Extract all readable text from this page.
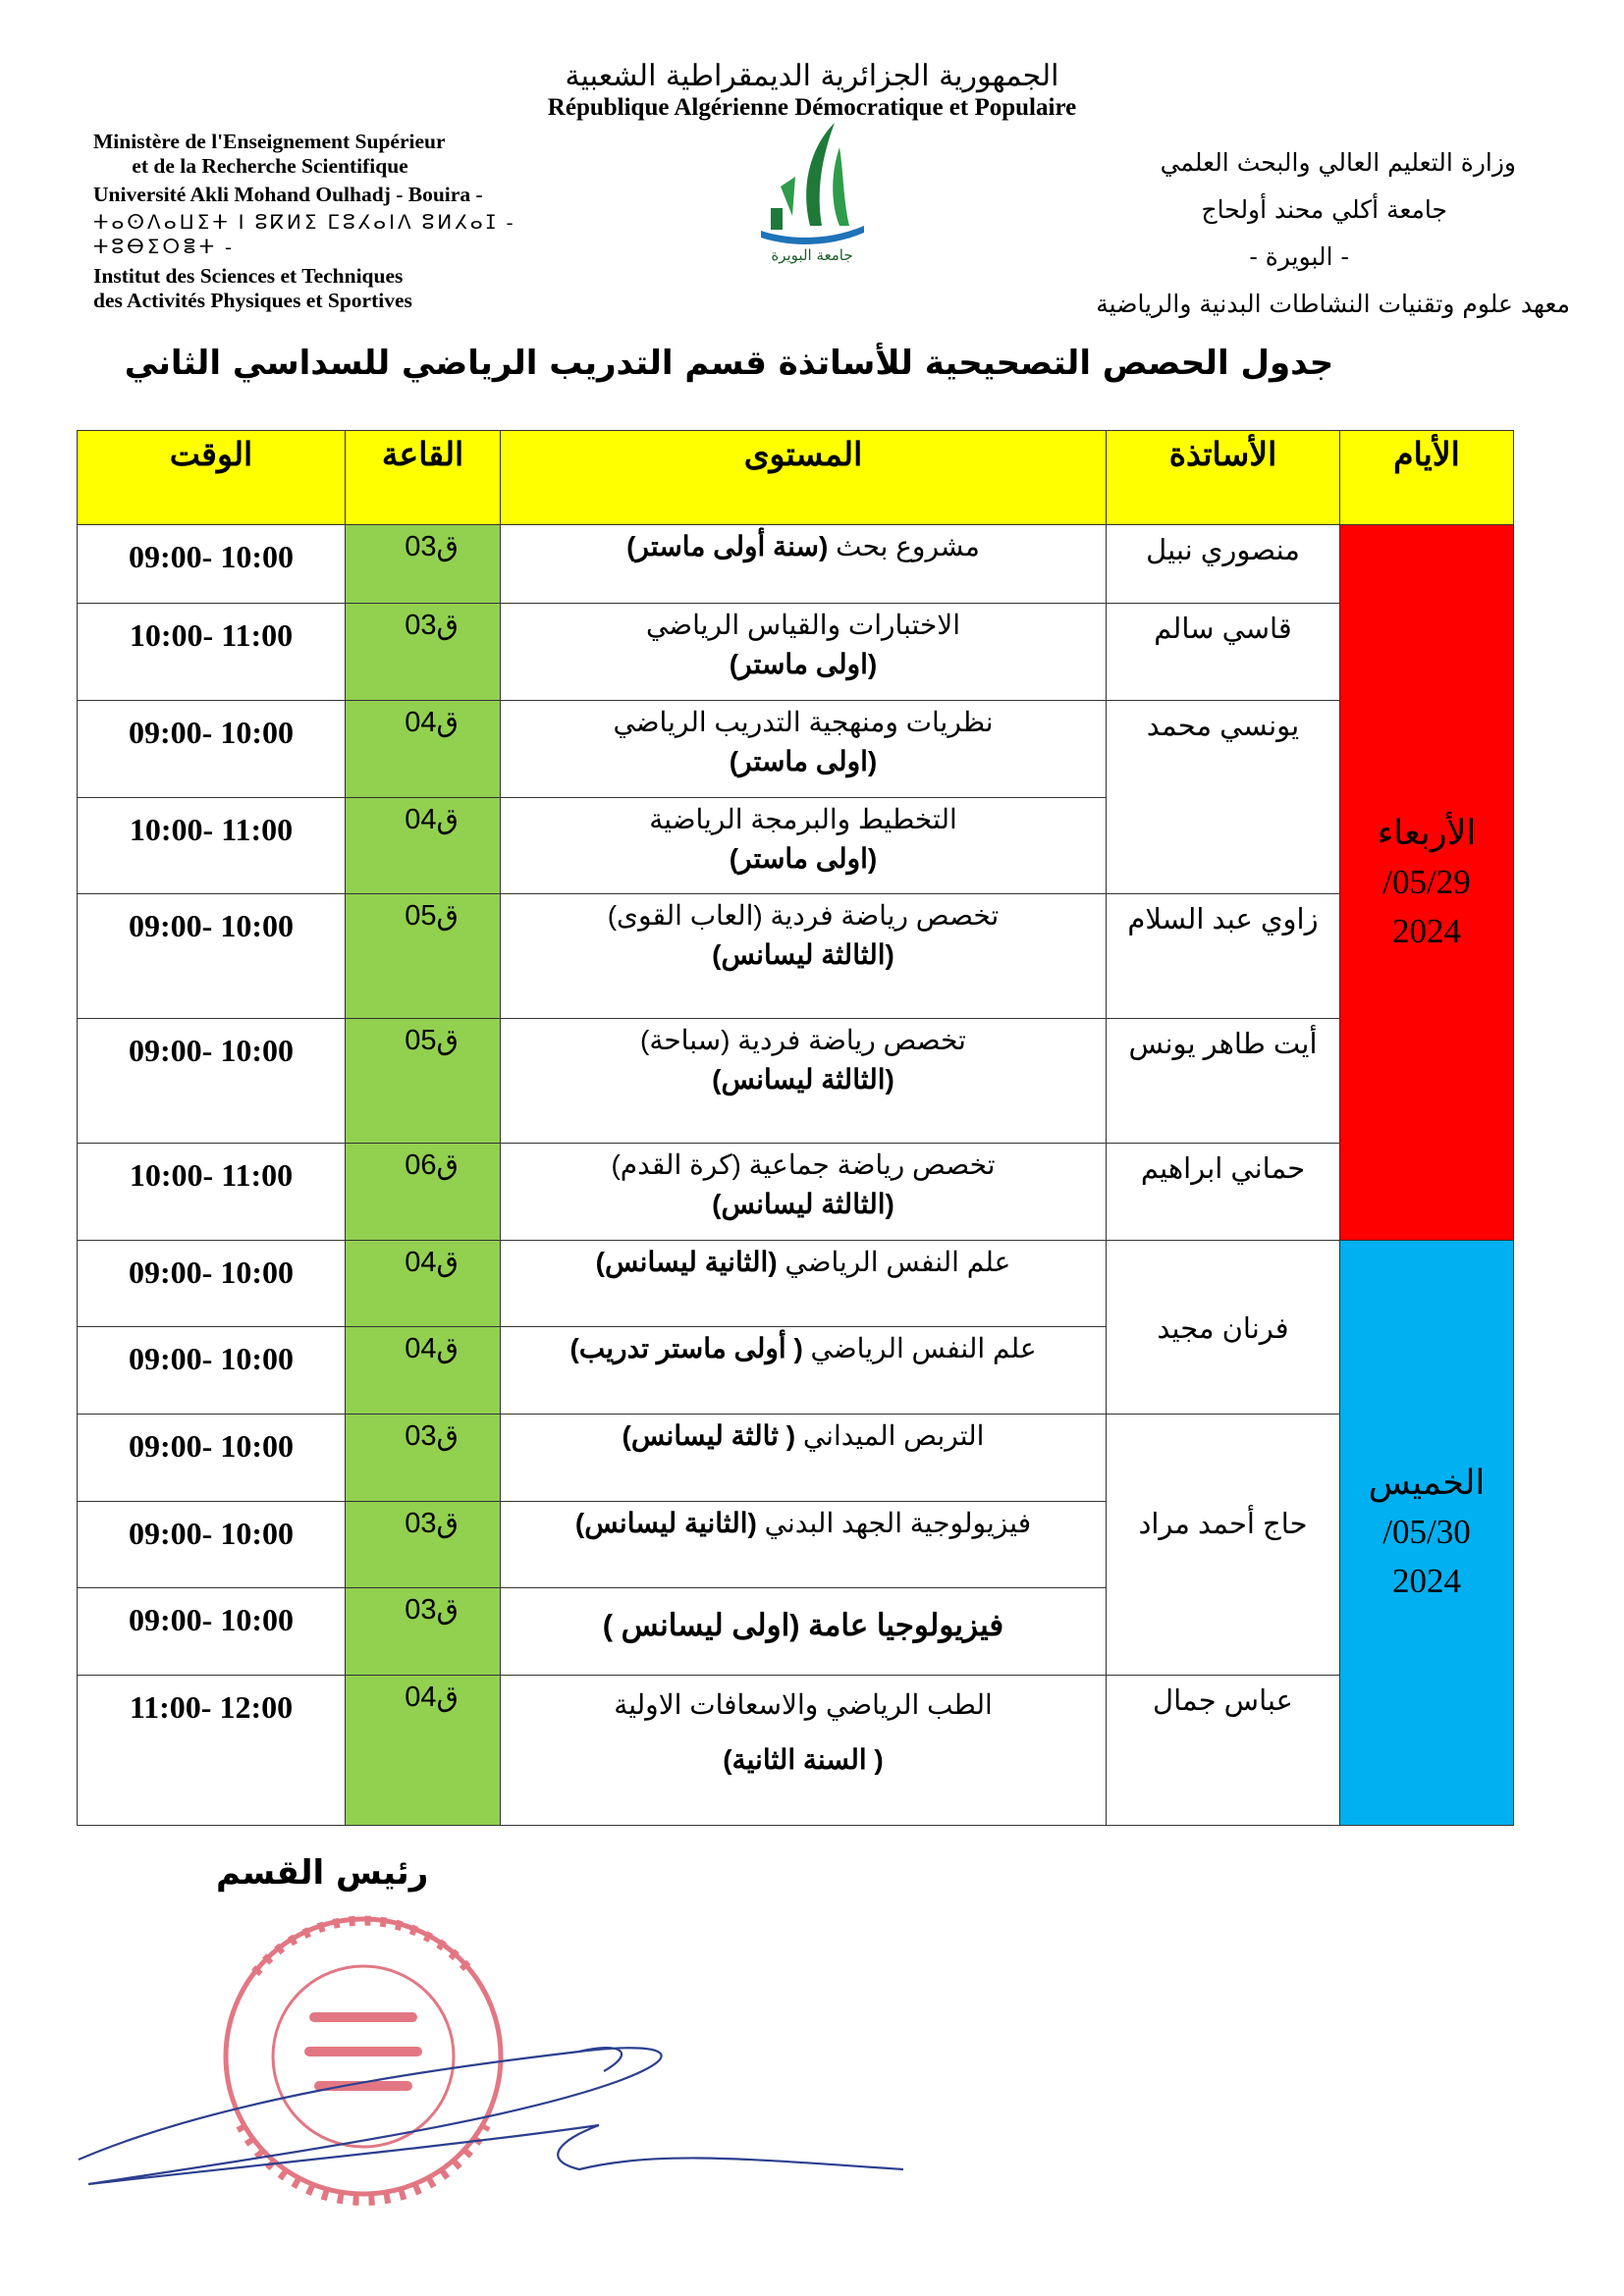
الجمهورية الجزائرية الديمقراطية الشعبية
République Algérienne Démocratique et Populaire
Ministère de l'Enseignement Supérieur
et de la Recherche Scientifique
Université Akli Mohand Oulhadj - Bouira -
ⵜⴰⵙⴷⴰⵡⵉⵜ ⵏ ⵓⴽⵍⵉ ⵎⵓⵃⴰⵏⴷ ⵓⵍⵃⴰⵊ - ⵜⵓⴱⵉⵔⴻⵜ -
Institut des Sciences et Techniques
des Activités Physiques et Sportives
وزارة التعليم العالي والبحث العلمي
جامعة أكلي محند أولحاج
- البويرة -
معهد علوم وتقنيات النشاطات البدنية والرياضية
جامعة البويرة
جدول الحصص التصحيحية للأساتذة قسم التدريب الرياضي للسداسي الثاني
الوقت	القاعة	المستوى	الأساتذة	الأيام
09:00- 10:00	ق03	مشروع بحث (سنة أولى ماستر)	منصوري نبيل	الأربعاء
/05/29
2024

10:00- 11:00	ق03	الاختبارات والقياس الرياضي
(اولى ماستر)	قاسي سالم	
09:00- 10:00	ق04	نظريات ومنهجية التدريب الرياضي
(اولى ماستر)	يونسي محمد	
10:00- 11:00	ق04	التخطيط والبرمجة الرياضية
(اولى ماستر)		
09:00- 10:00	ق05	تخصص رياضة فردية (العاب القوى)
(الثالثة ليسانس)	زاوي عبد السلام	
09:00- 10:00	ق05	تخصص رياضة فردية (سباحة)
(الثالثة ليسانس)	أيت طاهر يونس	
10:00- 11:00	ق06	تخصص رياضة جماعية (كرة القدم)
(الثالثة ليسانس)	حماني ابراهيم	
09:00- 10:00	ق04	علم النفس الرياضي (الثانية ليسانس)	فرنان مجيد	الخميس
/05/30
2024

09:00- 10:00	ق04	علم النفس الرياضي ( أولى ماستر تدريب)		
09:00- 10:00	ق03	التربص الميداني ( ثالثة ليسانس)	حاج أحمد مراد	
09:00- 10:00	ق03	فيزيولوجية الجهد البدني (الثانية ليسانس)		
09:00- 10:00	ق03	فيزيولوجيا عامة (اولى ليسانس )		
11:00- 12:00	ق04	الطب الرياضي والاسعافات الاولية
( السنة الثانية)	عباس جمال	
رئيس القسم
